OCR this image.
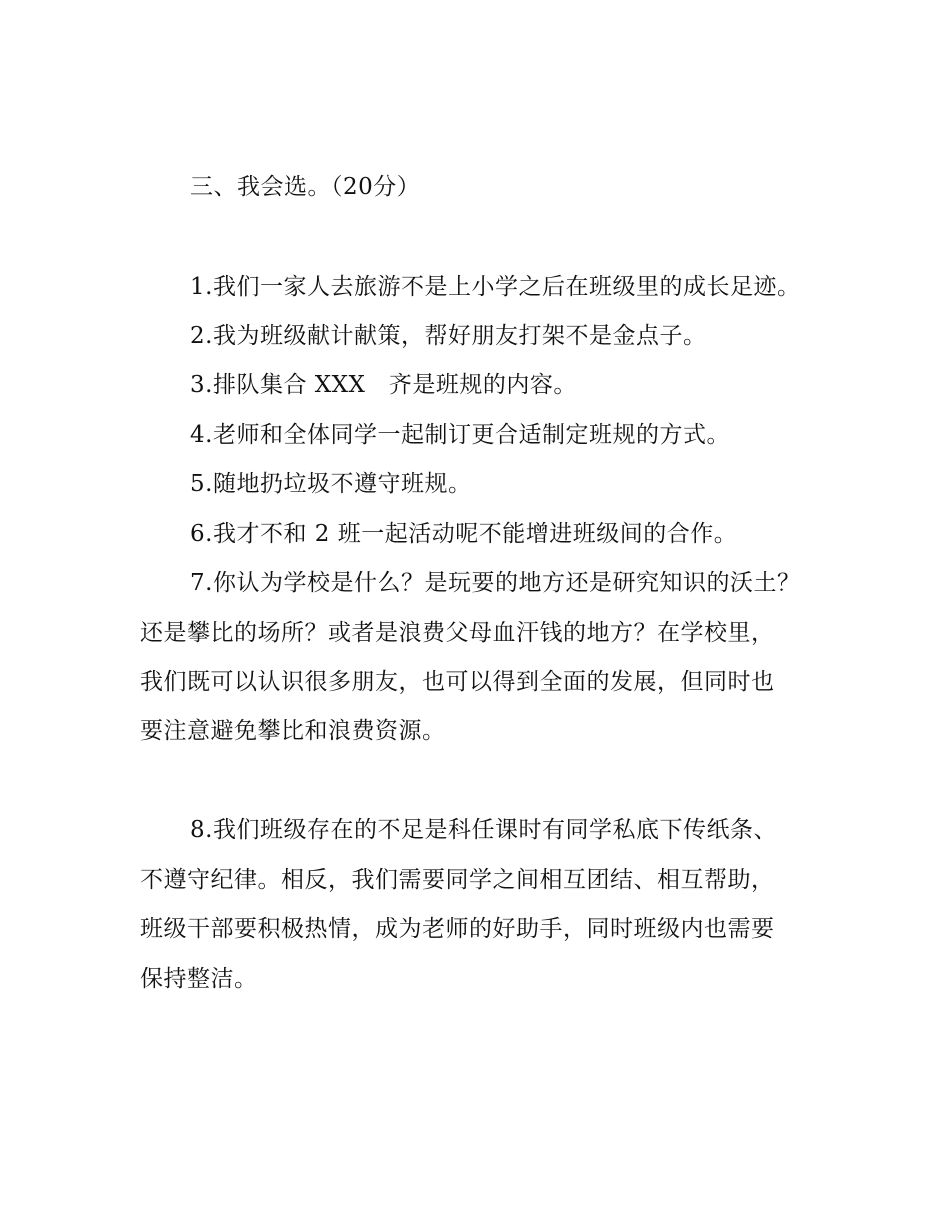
三、我会选。（20分）
1.我们一家人去旅游不是上小学之后在班级里的成长足迹。
2.我为班级献计献策，帮好朋友打架不是金点子。
3.排队集合 XXX　齐是班规的内容。
4.老师和全体同学一起制订更合适制定班规的方式。
5.随地扔垃圾不遵守班规。
6.我才不和 2 班一起活动呢不能增进班级间的合作。
7.你认为学校是什么？是玩要的地方还是研究知识的沃土？
还是攀比的场所？或者是浪费父母血汗钱的地方？在学校里，
我们既可以认识很多朋友，也可以得到全面的发展，但同时也
要注意避免攀比和浪费资源。
8.我们班级存在的不足是科任课时有同学私底下传纸条、
不遵守纪律。相反，我们需要同学之间相互团结、相互帮助，
班级干部要积极热情，成为老师的好助手，同时班级内也需要
保持整洁。
